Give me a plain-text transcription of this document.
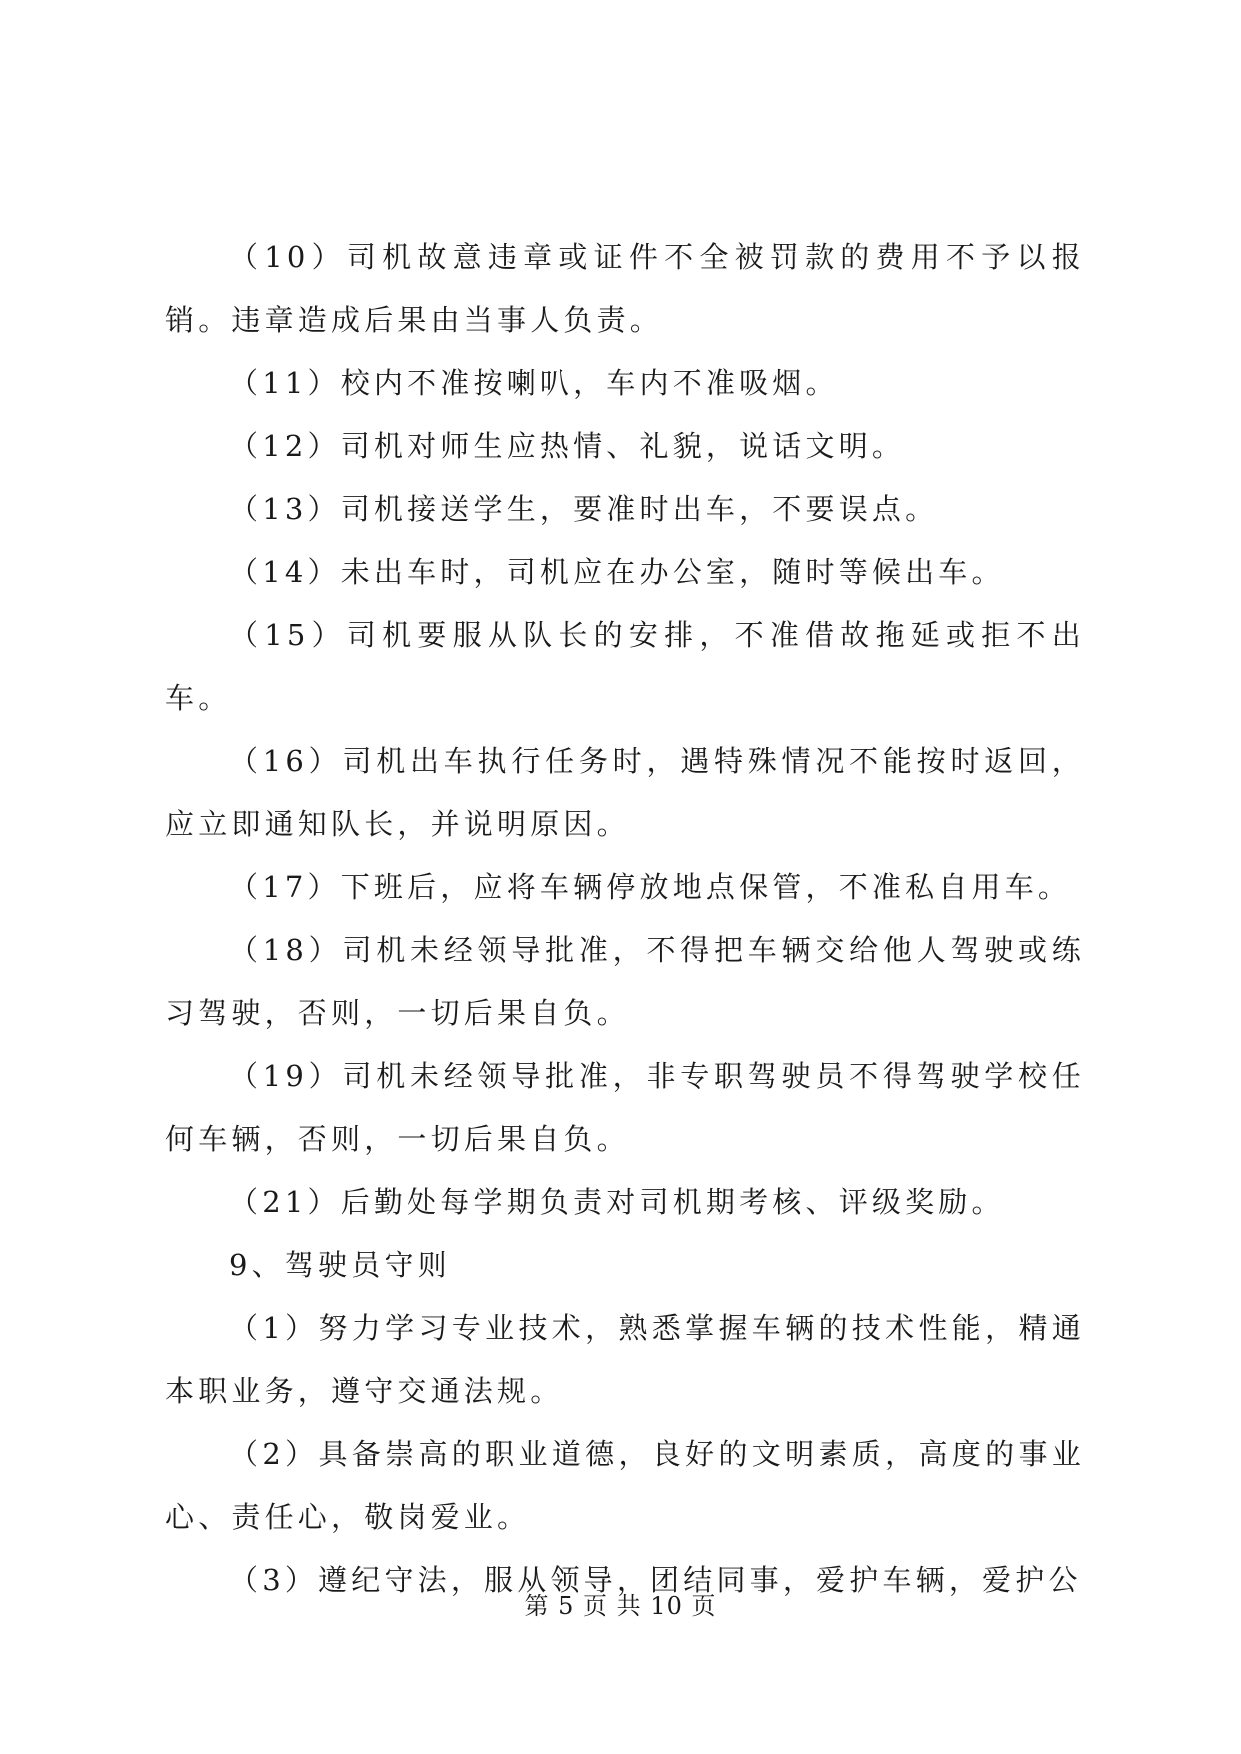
（10）司机故意违章或证件不全被罚款的费用不予以报销。违章造成后果由当事人负责。

（11）校内不准按喇叭，车内不准吸烟。

（12）司机对师生应热情、礼貌，说话文明。

（13）司机接送学生，要准时出车，不要误点。

（14）未出车时，司机应在办公室，随时等候出车。

（15）司机要服从队长的安排，不准借故拖延或拒不出车。

（16）司机出车执行任务时，遇特殊情况不能按时返回，应立即通知队长，并说明原因。

（17）下班后，应将车辆停放地点保管，不准私自用车。

（18）司机未经领导批准，不得把车辆交给他人驾驶或练习驾驶，否则，一切后果自负。

（19）司机未经领导批准，非专职驾驶员不得驾驶学校任何车辆，否则，一切后果自负。

（21）后勤处每学期负责对司机期考核、评级奖励。

9、驾驶员守则

（1）努力学习专业技术，熟悉掌握车辆的技术性能，精通本职业务，遵守交通法规。

（2）具备崇高的职业道德，良好的文明素质，高度的事业心、责任心，敬岗爱业。

（3）遵纪守法，服从领导，团结同事，爱护车辆，爱护公

第 5 页 共 10 页
